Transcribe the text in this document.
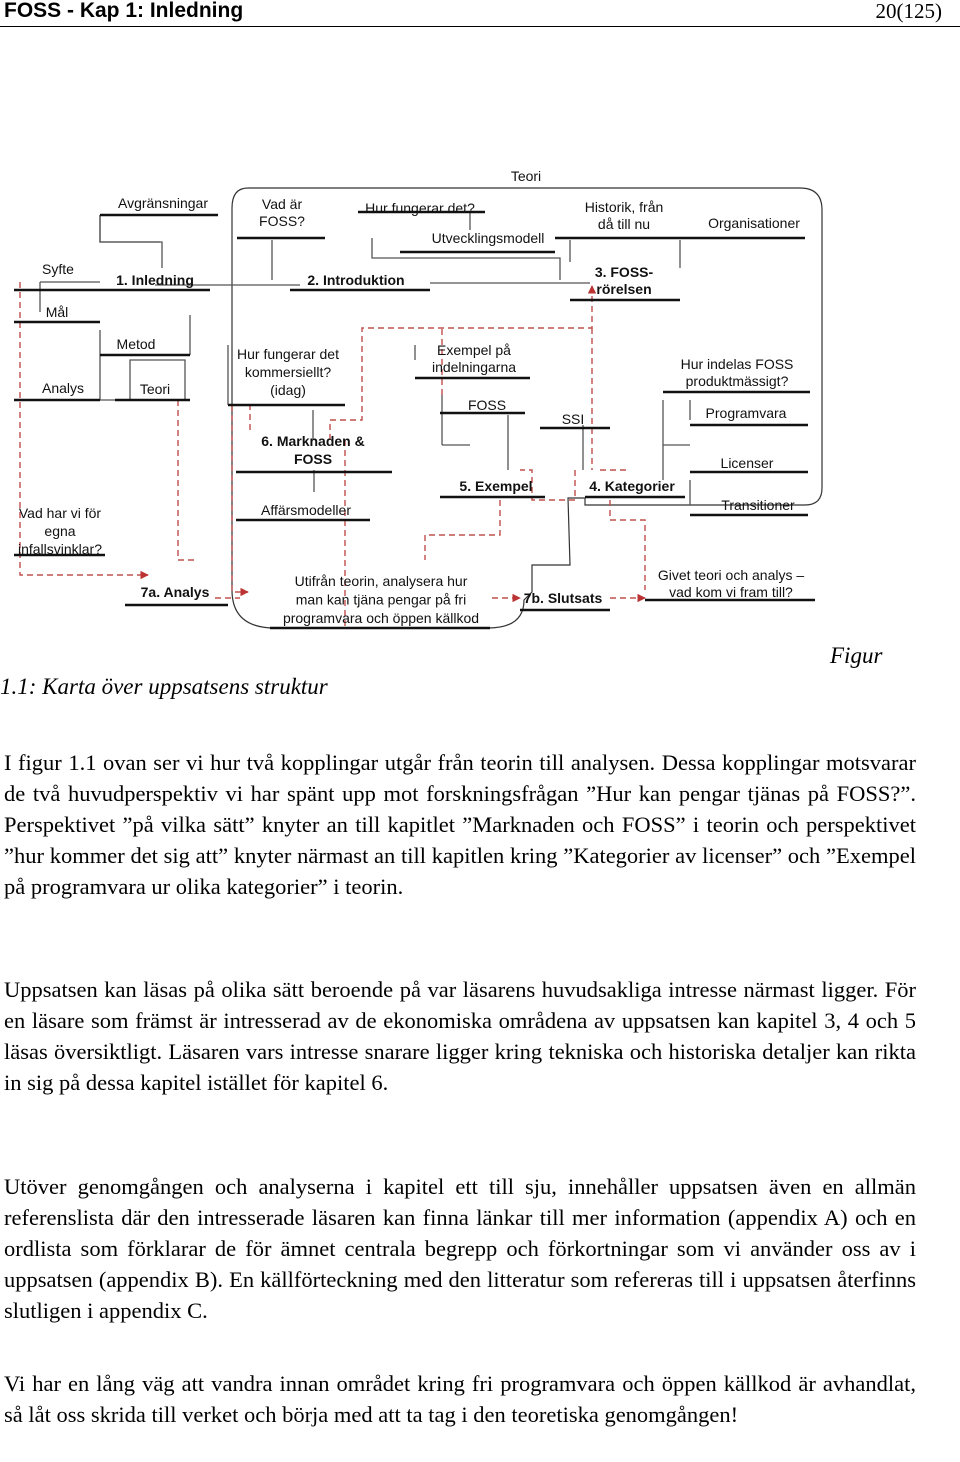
FOSS - Kap 1: Inledning	20(125)
Teori
Avgränsningar	Vad är FOSS?
Hur fungerar det?
Utvecklingsmodell
Historik, från då till nu	Organisationer
Syfte
1. Inledning	2. Introduktion	3. FOSS-rörelsen
Mål
Metod
Analys	Teori
Hur fungerar det kommersiellt? (idag)
Exempel på indelningarna
FOSS
SSI
Hur indelas FOSS produktmässigt?
Programvara
6. Marknaden & FOSS	Licenser
5. Exempel	4. Kategorier
Transitioner
Affärsmodeller
Vad har vi för egna infallsvinklar?
Givet teori och analys – vad kom vi fram till?
Utifrån teorin, analysera hur man kan tjäna pengar på fri programvara och öppen källkod
7a. Analys	7b. Slutsats
Figur
1.1: Karta över uppsatsens struktur

I figur 1.1 ovan ser vi hur två kopplingar utgår från teorin till analysen. Dessa kopplingar motsvarar de två huvudperspektiv vi har spänt upp mot forskningsfrågan ”Hur kan pengar tjänas på FOSS?”. Perspektivet ”på vilka sätt” knyter an till kapitlet ”Marknaden och FOSS” i teorin och perspektivet ”hur kommer det sig att” knyter närmast an till kapitlen kring ”Kategorier av licenser” och ”Exempel på programvara ur olika kategorier” i teorin.

Uppsatsen kan läsas på olika sätt beroende på var läsarens huvudsakliga intresse närmast ligger. För en läsare som främst är intresserad av de ekonomiska områdena av uppsatsen kan kapitel 3, 4 och 5 läsas översiktligt. Läsaren vars intresse snarare ligger kring tekniska och historiska detaljer kan rikta in sig på dessa kapitel istället för kapitel 6.

Utöver genomgången och analyserna i kapitel ett till sju, innehåller uppsatsen även en allmän referenslista där den intresserade läsaren kan finna länkar till mer information (appendix A) och en ordlista som förklarar de för ämnet centrala begrepp och förkortningar som vi använder oss av i uppsatsen (appendix B). En källförteckning med den litteratur som refereras till i uppsatsen återfinns slutligen i appendix C.

Vi har en lång väg att vandra innan området kring fri programvara och öppen källkod är avhandlat, så låt oss skrida till verket och börja med att ta tag i den teoretiska genomgången!
